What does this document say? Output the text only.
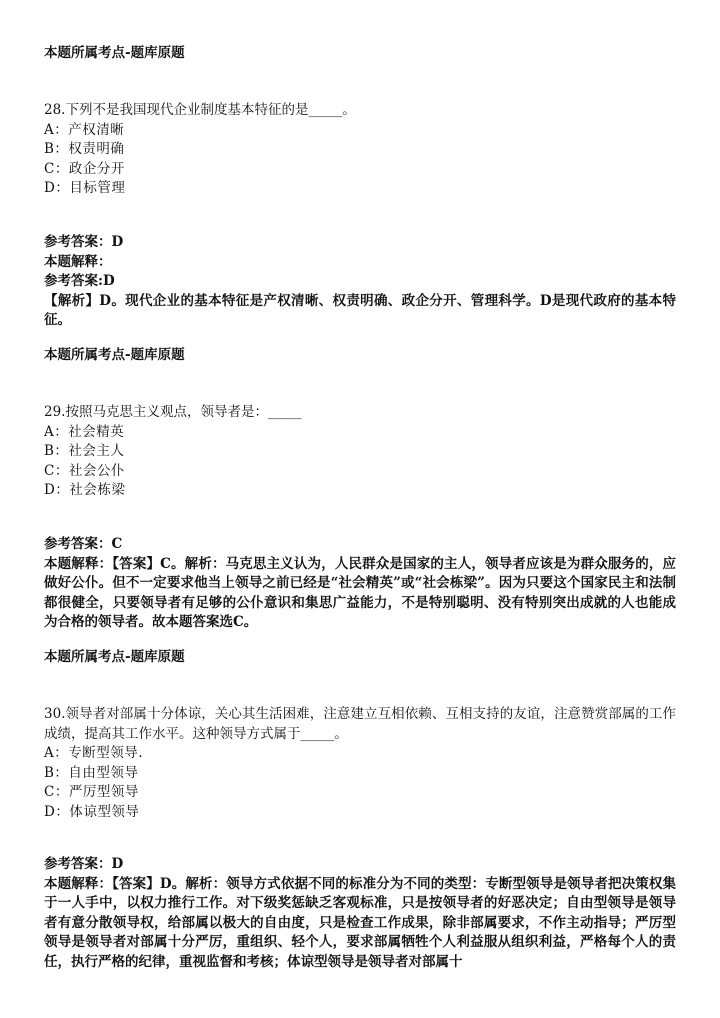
本题所属考点-题库原题
28.下列不是我国现代企业制度基本特征的是_____。
A：产权清晰
B：权责明确
C：政企分开
D：目标管理
参考答案：D
本题解释：
参考答案:D
【解析】D。现代企业的基本特征是产权清晰、权责明确、政企分开、管理科学。D是现代政府的基本特征。
本题所属考点-题库原题
29.按照马克思主义观点，领导者是：_____
A：社会精英
B：社会主人
C：社会公仆
D：社会栋梁
参考答案：C
本题解释：【答案】C。解析：马克思主义认为，人民群众是国家的主人，领导者应该是为群众服务的，应做好公仆。但不一定要求他当上领导之前已经是“社会精英”或“社会栋梁”。因为只要这个国家民主和法制都很健全，只要领导者有足够的公仆意识和集思广益能力，不是特别聪明、没有特别突出成就的人也能成为合格的领导者。故本题答案选C。
本题所属考点-题库原题
30.领导者对部属十分体谅，关心其生活困难，注意建立互相依赖、互相支持的友谊，注意赞赏部属的工作成绩，提高其工作水平。这种领导方式属于_____。
A：专断型领导.
B：自由型领导
C：严厉型领导
D：体谅型领导
参考答案：D
本题解释：【答案】D。解析：领导方式依据不同的标准分为不同的类型：专断型领导是领导者把决策权集于一人手中，以权力推行工作。对下级奖惩缺乏客观标准，只是按领导者的好恶决定；自由型领导是领导者有意分散领导权，给部属以极大的自由度，只是检查工作成果，除非部属要求，不作主动指导；严厉型领导是领导者对部属十分严厉，重组织、轻个人，要求部属牺牲个人利益服从组织利益，严格每个人的责任，执行严格的纪律，重视监督和考核；体谅型领导是领导者对部属十
